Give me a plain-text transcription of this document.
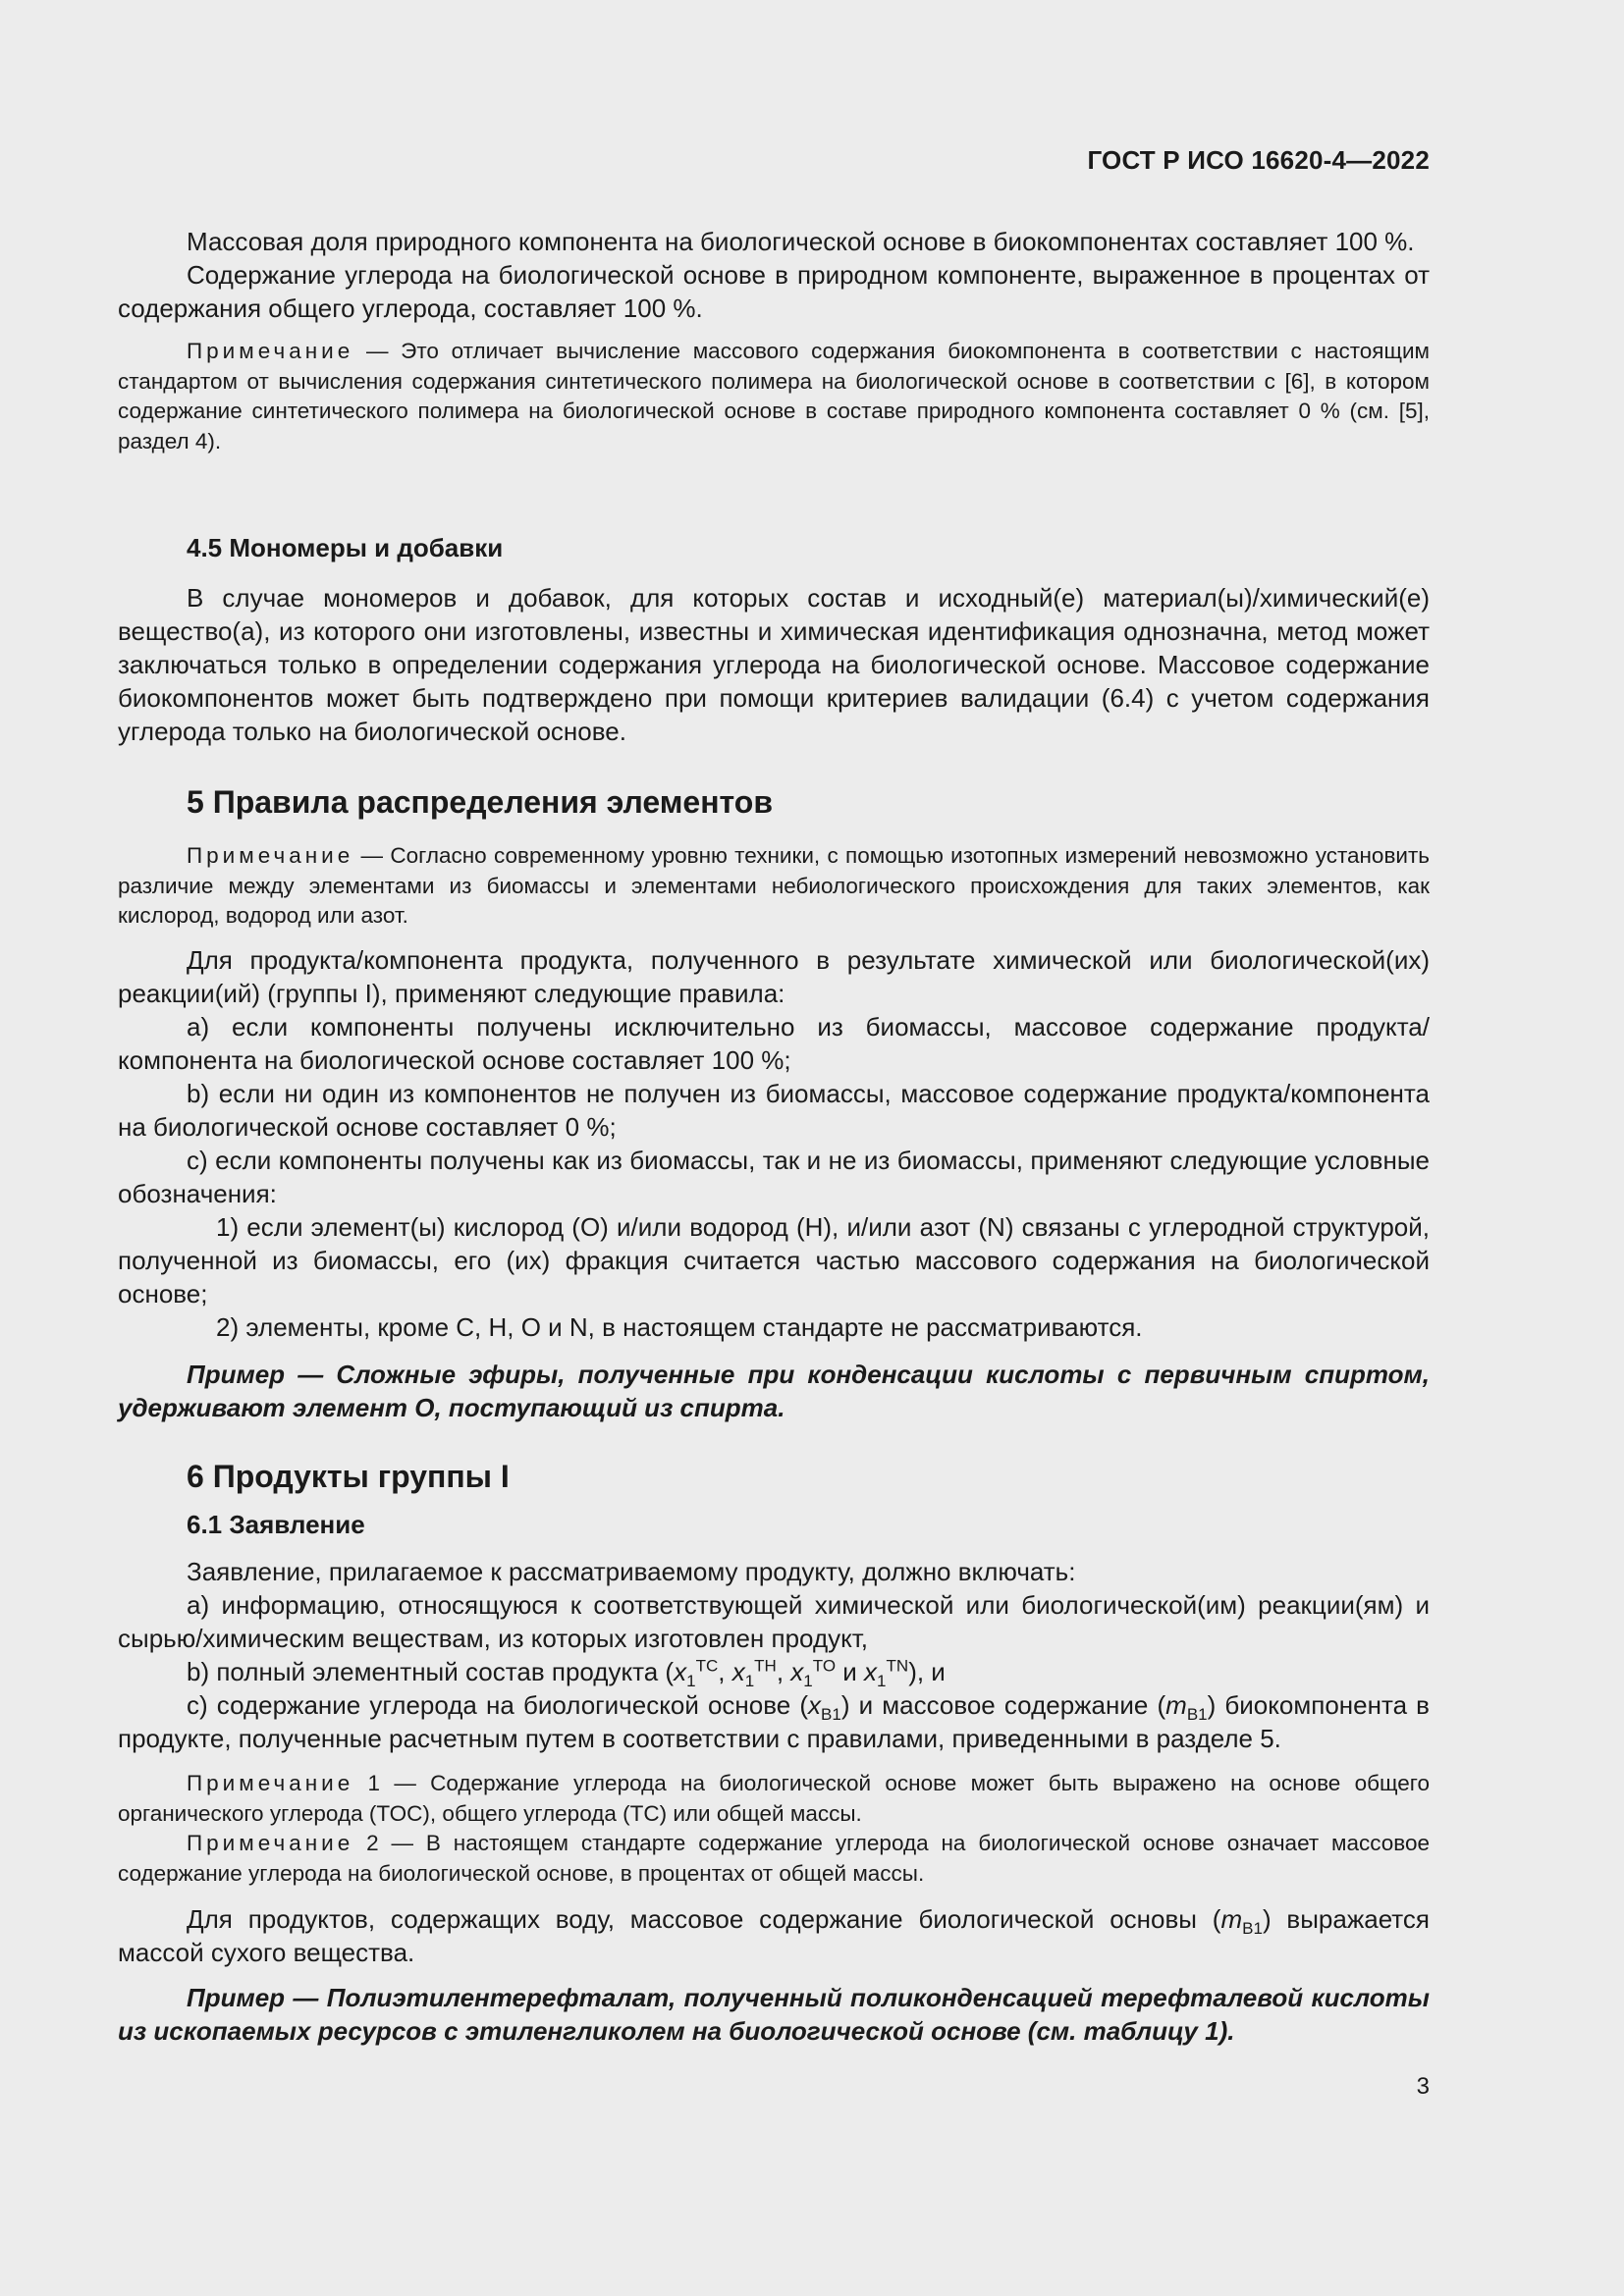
ГОСТ Р ИСО 16620-4—2022

Массовая доля природного компонента на биологической основе в биокомпонентах составляет 100 %.

Содержание углерода на биологической основе в природном компоненте, выраженное в процентах от содержания общего углерода, составляет 100 %.

Примечание — Это отличает вычисление массового содержания биокомпонента в соответствии с настоящим стандартом от вычисления содержания синтетического полимера на биологической основе в соответствии с [6], в котором содержание синтетического полимера на биологической основе в составе природного компонента составляет 0 % (см. [5], раздел 4).

4.5 Мономеры и добавки

В случае мономеров и добавок, для которых состав и исходный(е) материал(ы)/химический(е) вещество(а), из которого они изготовлены, известны и химическая идентификация однозначна, метод может заключаться только в определении содержания углерода на биологической основе. Массовое содержание биокомпонентов может быть подтверждено при помощи критериев валидации (6.4) с учетом содержания углерода только на биологической основе.

5 Правила распределения элементов

Примечание — Согласно современному уровню техники, с помощью изотопных измерений невозможно установить различие между элементами из биомассы и элементами небиологического происхождения для таких элементов, как кислород, водород или азот.

Для продукта/компонента продукта, полученного в результате химической или биологической(их) реакции(ий) (группы I), применяют следующие правила:

a) если компоненты получены исключительно из биомассы, массовое содержание продукта/компонента на биологической основе составляет 100 %;

b) если ни один из компонентов не получен из биомассы, массовое содержание продукта/компонента на биологической основе составляет 0 %;

c) если компоненты получены как из биомассы, так и не из биомассы, применяют следующие условные обозначения:

1) если элемент(ы) кислород (O) и/или водород (H), и/или азот (N) связаны с углеродной структурой, полученной из биомассы, его (их) фракция считается частью массового содержания на биологической основе;

2) элементы, кроме C, H, O и N, в настоящем стандарте не рассматриваются.

Пример — Сложные эфиры, полученные при конденсации кислоты с первичным спиртом, удерживают элемент O, поступающий из спирта.

6 Продукты группы I
6.1 Заявление

Заявление, прилагаемое к рассматриваемому продукту, должно включать:

а) информацию, относящуюся к соответствующей химической или биологической(им) реакции(ям) и сырью/химическим веществам, из которых изготовлен продукт,

b) полный элементный состав продукта ($x_1^{TC}$, $x_1^{TH}$, $x_1^{TO}$ и $x_1^{TN}$), и

c) содержание углерода на биологической основе $(x_{B1})$ и массовое содержание $(m_{B1})$ биокомпонента в продукте, полученные расчетным путем в соответствии с правилами, приведенными в разделе 5.

Примечание 1 — Содержание углерода на биологической основе может быть выражено на основе общего органического углерода (TOC), общего углерода (TC) или общей массы.

Примечание 2 — В настоящем стандарте содержание углерода на биологической основе означает массовое содержание углерода на биологической основе, в процентах от общей массы.

Для продуктов, содержащих воду, массовое содержание биологической основы $(m_{B1})$ выражается массой сухого вещества.

Пример — Полиэтилентерефталат, полученный поликонденсацией терефталевой кислоты из ископаемых ресурсов с этиленгликолем на биологической основе (см. таблицу 1).

3
